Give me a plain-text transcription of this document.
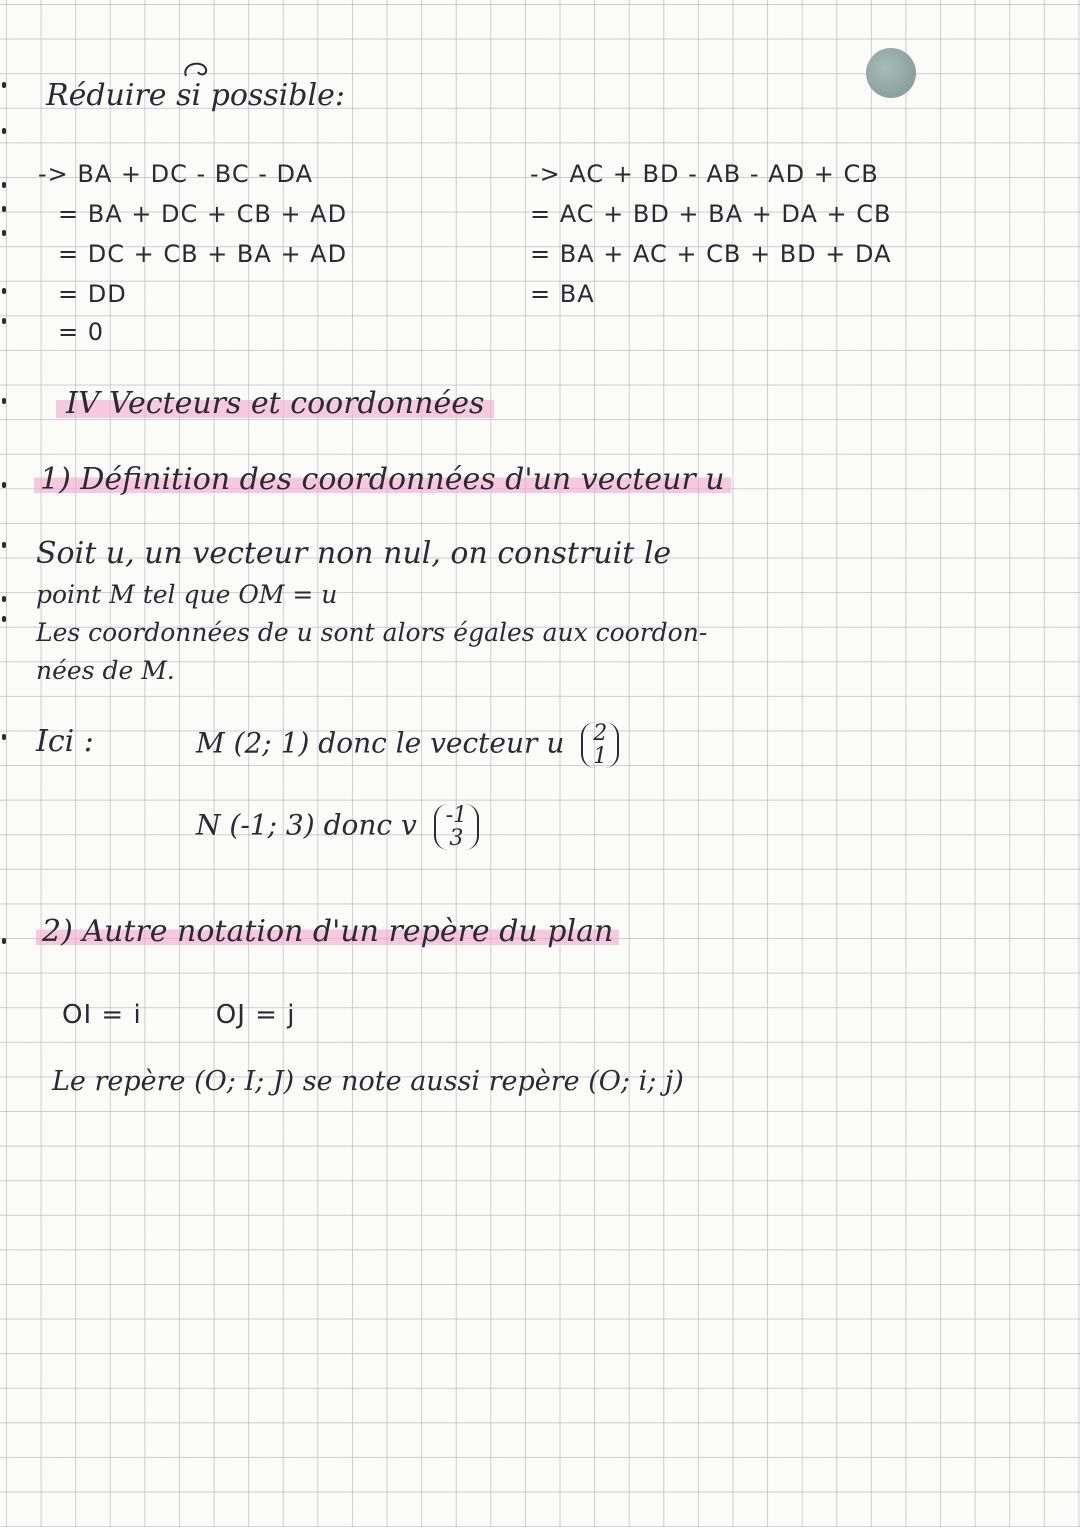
Réduire si possible:
-> BA + DC - BC - DA
= BA + DC + CB + AD
= DC + CB + BA + AD
= DD
= 0
-> AC + BD - AB - AD + CB
= AC + BD + BA + DA + CB
= BA + AC + CB + BD + DA
= BA
IV Vecteurs et coordonnées
1) Définition des coordonnées d'un vecteur u
Soit u, un vecteur non nul, on construit le
point M tel que OM = u
Les coordonnées de u sont alors égales aux coordon-
nées de M.
Ici :	M (2; 1) donc le vecteur u 2
1
N (-1; 3) donc v -1
3
2) Autre notation d'un repère du plan
OI = i        OJ = j
Le repère (O; I; J) se note aussi repère (O; i; j)
